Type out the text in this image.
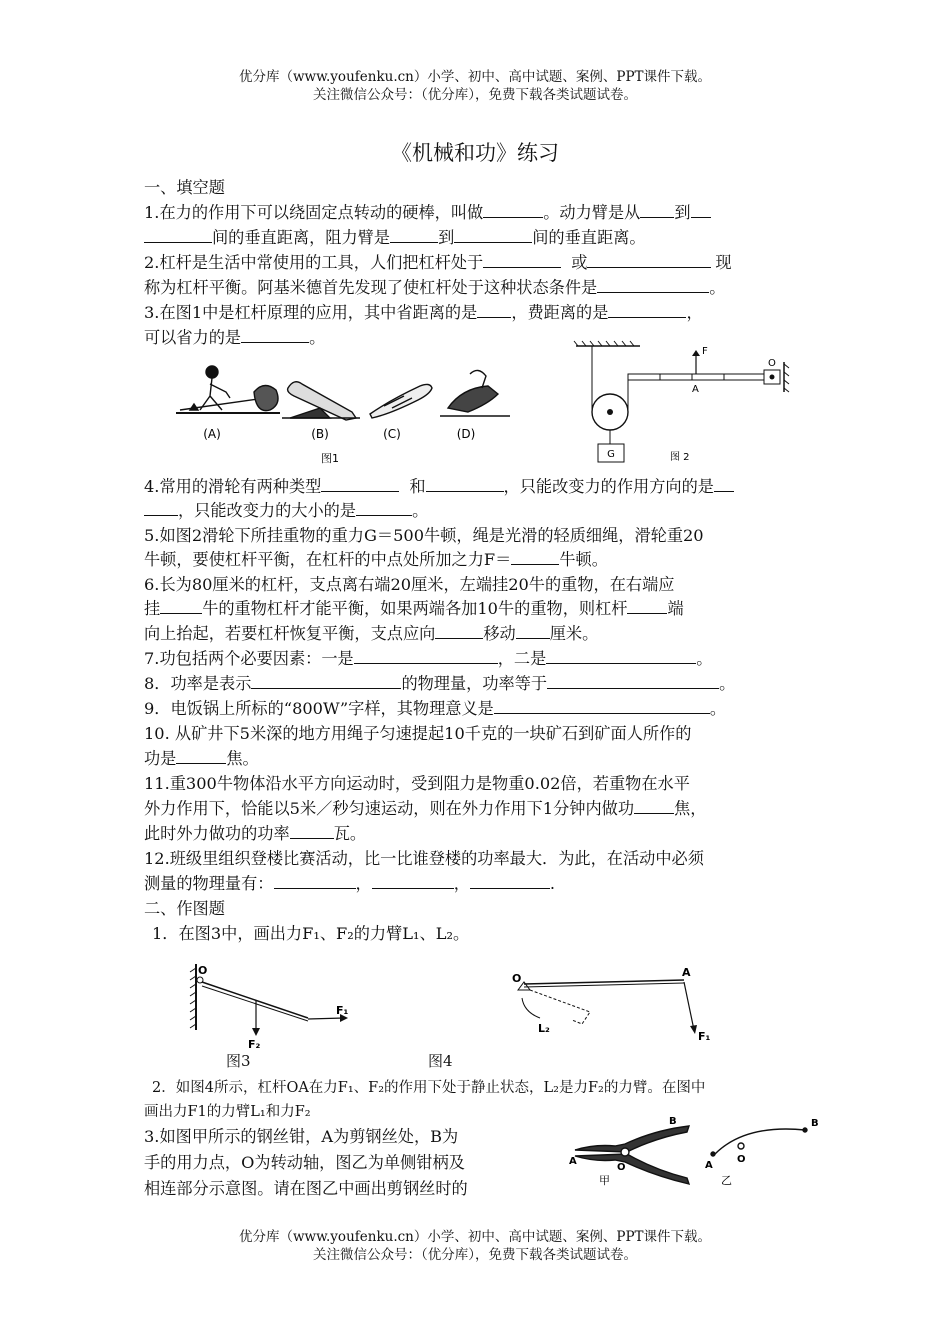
优分库（www.youfenku.cn）小学、初中、高中试题、案例、PPT课件下载。
关注微信公众号：（优分库），免费下载各类试题试卷。
《机械和功》练习
一、填空题
1.在力的作用下可以绕固定点转动的硬棒，叫做	。动力臂是从 到
间的垂直距离，阻力臂是	到	间的垂直距离。
2.杠杆是生活中常使用的工具，人们把杠杆处于	或	现
称为杠杆平衡。阿基米德首先发现了使杠杆处于这种状态条件是	。
3.在图1中是杠杆原理的应用，其中省距离的是 ，费距离的是	，
可以省力的是	。
(A)	(B)	(C)	(D)
图1
F
A
O
G	图 2
4.常用的滑轮有两种类型	和	，只能改变力的作用方向的是
，只能改变力的大小的是	。
5.如图2滑轮下所挂重物的重力G＝500牛顿，绳是光滑的轻质细绳，滑轮重20
牛顿，要使杠杆平衡，在杠杆的中点处所加之力F＝	牛顿。
6.长为80厘米的杠杆，支点离右端20厘米，左端挂20牛的重物，在右端应
挂	牛的重物杠杆才能平衡，如果两端各加10牛的重物，则杠杆 端
向上抬起，若要杠杆恢复平衡，支点应向	移动 厘米。
7.功包括两个必要因素：一是	，二是	。
8．功率是表示	的物理量，功率等于	。
9．电饭锅上所标的“800W”字样，其物理意义是	。
10. 从矿井下5米深的地方用绳子匀速提起10千克的一块矿石到矿面人所作的
功是	焦。
11.重300牛物体沿水平方向运动时，受到阻力是物重0.02倍，若重物在水平
外力作用下，恰能以5米／秒匀速运动，则在外力作用下1分钟内做功 焦，
此时外力做功的功率	瓦。
12.班级里组织登楼比赛活动，比一比谁登楼的功率最大．为此，在活动中必须
测量的物理量有：	，	，	.
二、作图题
1．在图3中，画出力F₁、F₂的力臂L₁、L₂。
O
F₁
F₂
图3
O	A
F₁
L₂
图4
2．如图4所示，杠杆OA在力F₁、F₂的作用下处于静止状态，L₂是力F₂的力臂。在图中
画出力F1的力臂L₁和力F₂
3.如图甲所示的钢丝钳，A为剪钢丝处，B为
手的用力点，O为转动轴，图乙为单侧钳柄及
相连部分示意图。请在图乙中画出剪钢丝时的
B
A
O
甲
A
O
B
乙
优分库（www.youfenku.cn）小学、初中、高中试题、案例、PPT课件下载。
关注微信公众号：（优分库），免费下载各类试题试卷。
